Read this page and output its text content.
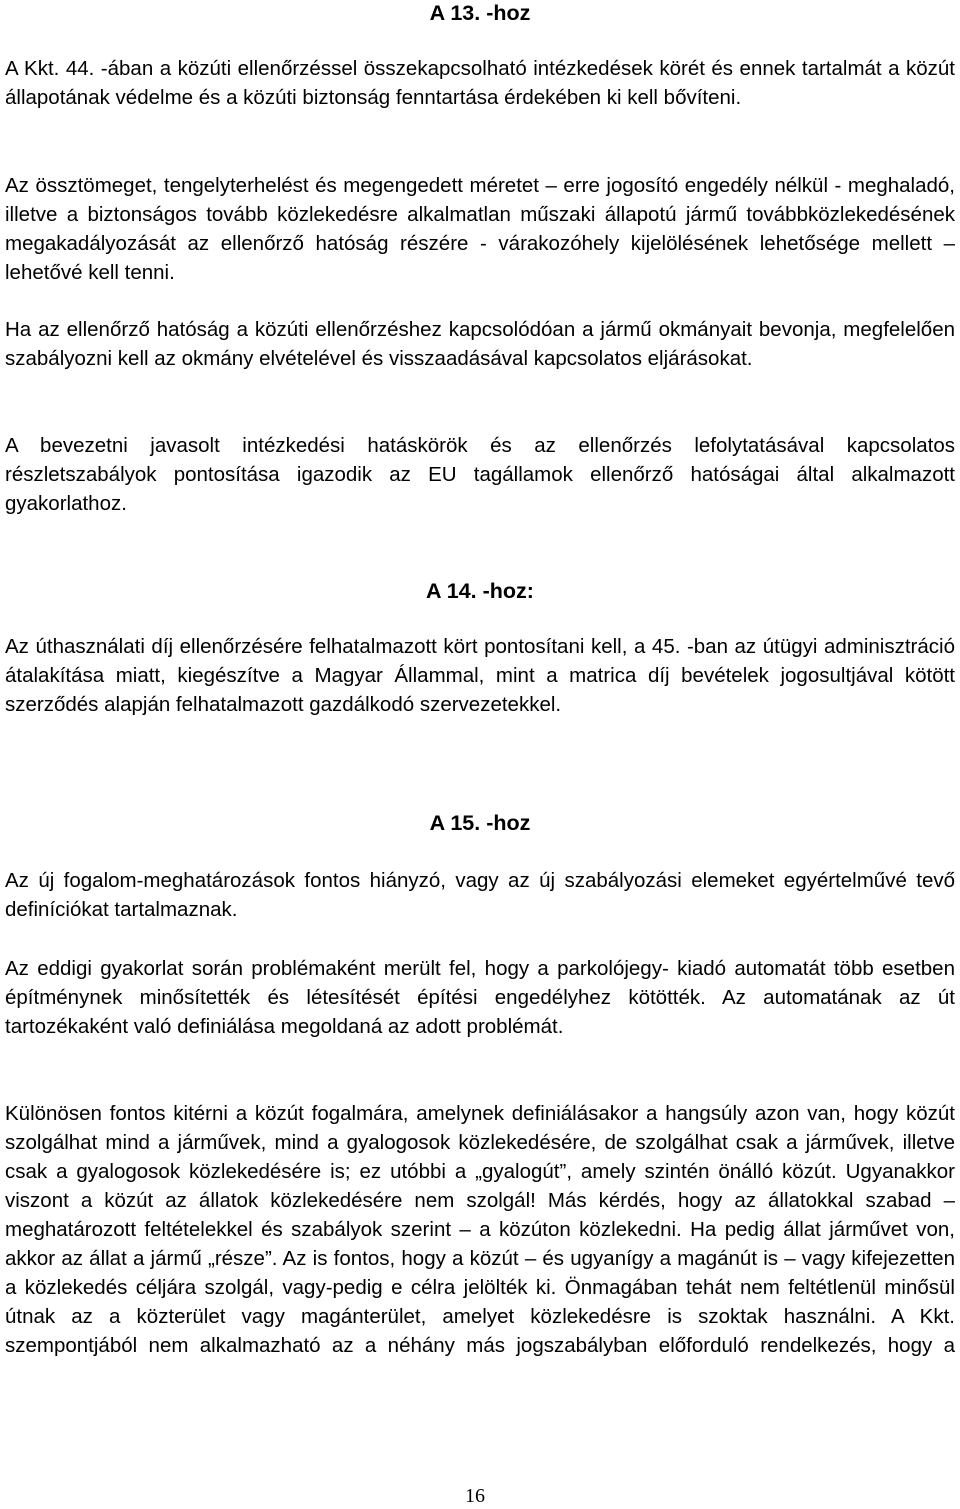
A 13. -hoz

A Kkt. 44. -ában a közúti ellenőrzéssel összekapcsolható intézkedések körét és ennek tartalmát a közút állapotának védelme és a közúti biztonság fenntartása érdekében ki kell bővíteni.

Az össztömeget, tengelyterhelést és megengedett méretet – erre jogosító engedély nélkül - meghaladó, illetve a biztonságos tovább közlekedésre alkalmatlan műszaki állapotú jármű továbbközlekedésének megakadályozását az ellenőrző hatóság részére - várakozóhely kijelölésének lehetősége mellett – lehetővé kell tenni.

Ha az ellenőrző hatóság a közúti ellenőrzéshez kapcsolódóan a jármű okmányait bevonja, megfelelően szabályozni kell az okmány elvételével és visszaadásával kapcsolatos eljárásokat.

A bevezetni javasolt intézkedési hatáskörök és az ellenőrzés lefolytatásával kapcsolatos részletszabályok pontosítása igazodik az EU tagállamok ellenőrző hatóságai által alkalmazott gyakorlathoz.

A 14. -hoz:

Az úthasználati díj ellenőrzésére felhatalmazott kört pontosítani kell, a 45. -ban az útügyi adminisztráció átalakítása miatt, kiegészítve a Magyar Állammal, mint a matrica díj bevételek jogosultjával kötött szerződés alapján felhatalmazott gazdálkodó szervezetekkel.

A 15. -hoz

Az új fogalom-meghatározások fontos hiányzó, vagy az új szabályozási elemeket egyértelművé tevő definíciókat tartalmaznak.

Az eddigi gyakorlat során problémaként merült fel, hogy a parkolójegy- kiadó automatát több esetben építménynek minősítették és létesítését építési engedélyhez kötötték. Az automatának az út tartozékaként való definiálása megoldaná az adott problémát.

Különösen fontos kitérni a közút fogalmára, amelynek definiálásakor a hangsúly azon van, hogy közút szolgálhat mind a járművek, mind a gyalogosok közlekedésére, de szolgálhat csak a járművek, illetve csak a gyalogosok közlekedésére is; ez utóbbi a „gyalogút”, amely szintén önálló közút. Ugyanakkor viszont a közút az állatok közlekedésére nem szolgál! Más kérdés, hogy az állatokkal szabad – meghatározott feltételekkel és szabályok szerint – a közúton közlekedni. Ha pedig állat járművet von, akkor az állat a jármű „része”. Az is fontos, hogy a közút – és ugyanígy a magánút is – vagy kifejezetten a közlekedés céljára szolgál, vagy-pedig e célra jelölték ki. Önmagában tehát nem feltétlenül minősül útnak az a közterület vagy magánterület, amelyet közlekedésre is szoktak használni. A Kkt. szempontjából nem alkalmazható az a néhány más jogszabályban előforduló rendelkezés, hogy a

16
